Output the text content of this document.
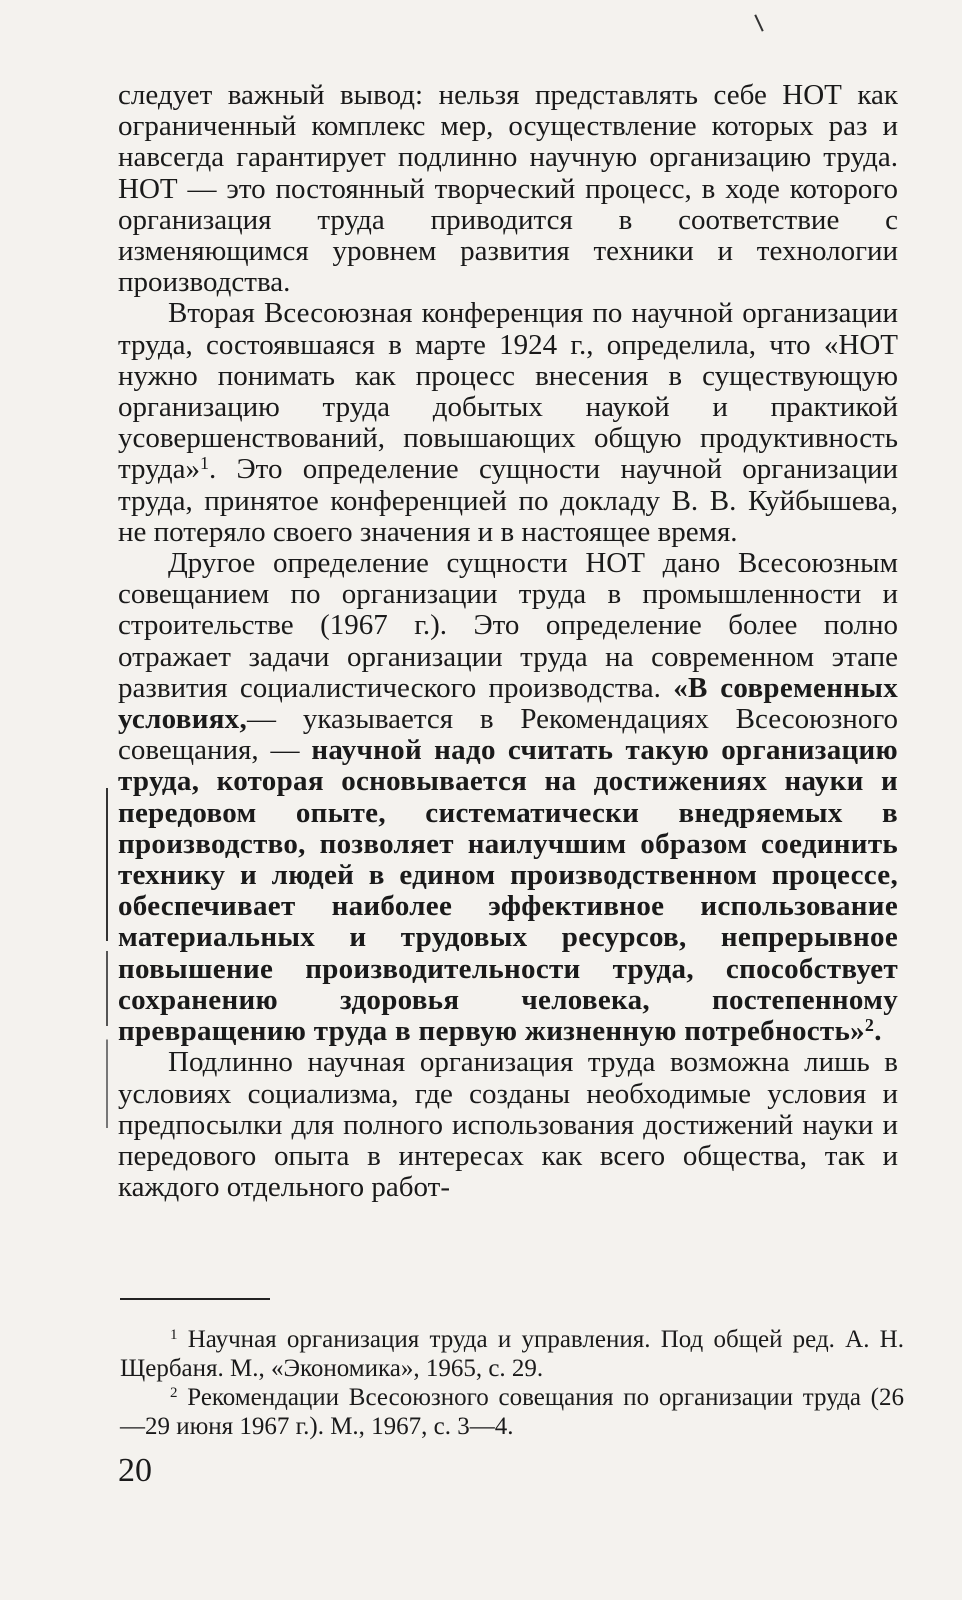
следует важный вывод: нельзя представлять себе НОТ как ограниченный комплекс мер, осуществление которых раз и навсегда гарантирует подлинно научную организацию труда. НОТ — это постоянный творческий процесс, в ходе которого организация труда приводится в соответствие с изменяющимся уровнем развития техники и технологии производства.

Вторая Всесоюзная конференция по научной организации труда, состоявшаяся в марте 1924 г., определила, что «НОТ нужно понимать как процесс внесения в существующую организацию труда добытых наукой и практикой усовершенствований, повышающих общую продуктивность труда»$^1$. Это определение сущности научной организации труда, принятое конференцией по докладу В. В. Куйбышева, не потеряло своего значения и в настоящее время.

Другое определение сущности НОТ дано Всесоюзным совещанием по организации труда в промышленности и строительстве (1967 г.). Это определение более полно отражает задачи организации труда на современном этапе развития социалистического производства. «В современных условиях,— указывается в Рекомендациях Всесоюзного совещания, — научной надо считать такую организацию труда, которая основывается на достижениях науки и передовом опыте, систематически внедряемых в производство, позволяет наилучшим образом соединить технику и людей в едином производственном процессе, обеспечивает наиболее эффективное использование материальных и трудовых ресурсов, непрерывное повышение производительности труда, способствует сохранению здоровья человека, постепенному превращению труда в первую жизненную потребность»$^2$.

Подлинно научная организация труда возможна лишь в условиях социализма, где созданы необходимые условия и предпосылки для полного использования достижений науки и передового опыта в интересах как всего общества, так и каждого отдельного работ-

$^1$ Научная организация труда и управления. Под общей ред. А. Н. Щербаня. М., «Экономика», 1965, с. 29.

$^2$ Рекомендации Всесоюзного совещания по организации труда (26—29 июня 1967 г.). М., 1967, с. 3—4.

20
